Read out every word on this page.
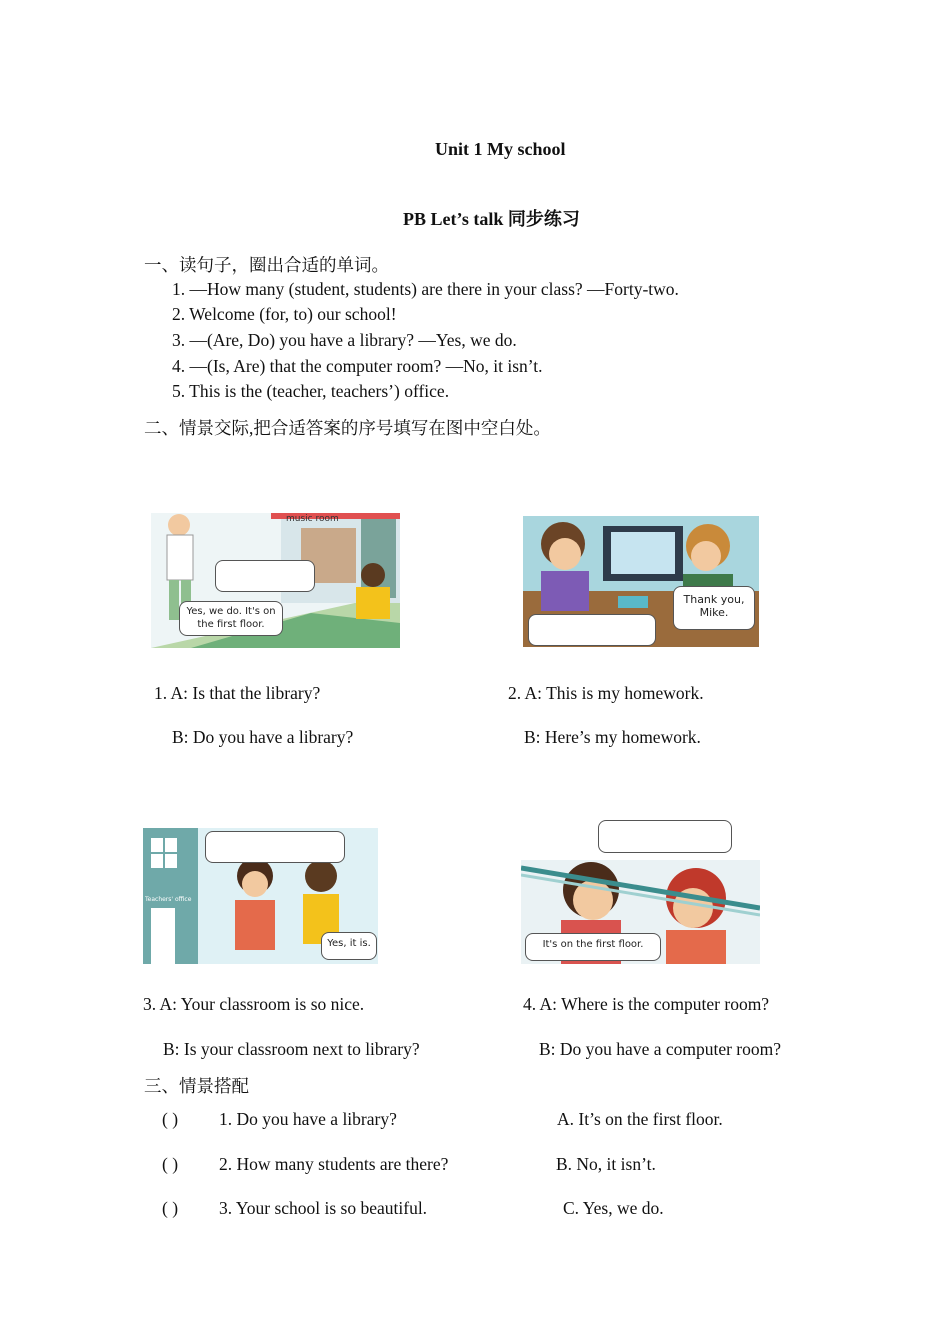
Unit 1 My school
PB Let’s talk 同步练习
一、读句子，圈出合适的单词。
1. —How many (student, students) are there in your class? —Forty-two.
2. Welcome (for, to) our school!
3. —(Are, Do) you have a library? —Yes, we do.
4. —(Is, Are) that the computer room? —No, it isn’t.
5. This is the (teacher, teachers’) office.
二、情景交际,把合适答案的序号填写在图中空白处。
music room
Yes, we do. It's on the first floor.
Thank you, Mike.
1. A: Is that the library?
B: Do you have a library?
2. A: This is my homework.
B: Here’s my homework.
Teachers' office
Yes, it is.	It's on the first floor.
3. A: Your classroom is so nice.
B: Is your classroom next to library?
4. A: Where is the computer room?
B: Do you have a computer room?
三、情景搭配
( ) 1. Do you have a library?	A. It’s on the first floor.
( ) 2. How many students are there?	B. No, it isn’t.
( ) 3. Your school is so beautiful.	C. Yes, we do.
